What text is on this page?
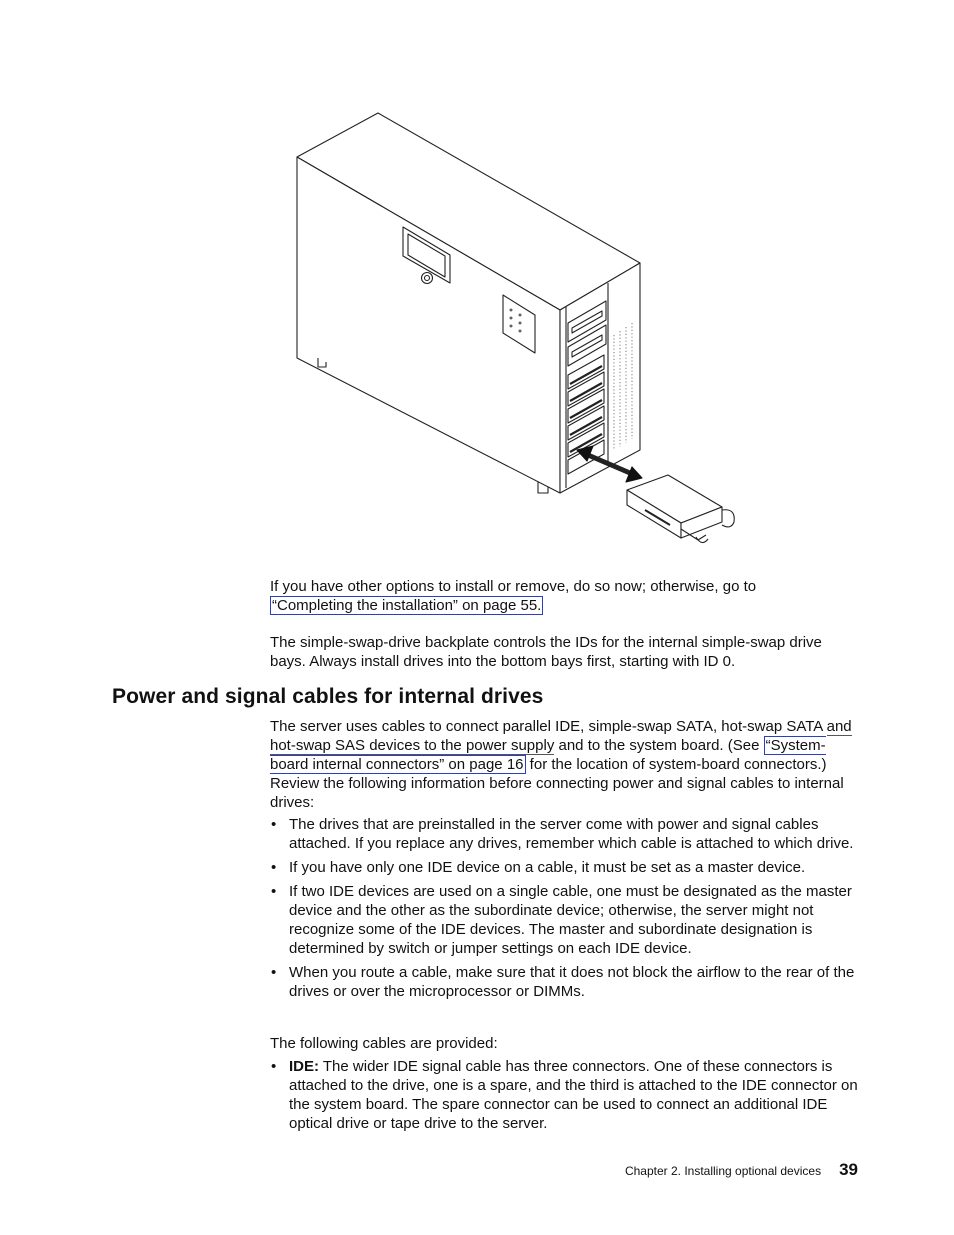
If you have other options to install or remove, do so now; otherwise, go to
“Completing the installation” on page 55.

The simple-swap-drive backplate controls the IDs for the internal simple-swap drive bays. Always install drives into the bottom bays first, starting with ID 0.

Power and signal cables for internal drives

The server uses cables to connect parallel IDE, simple-swap SATA, hot-swap SATA and hot-swap SAS devices to the power supply and to the system board. (See “System-board internal connectors” on page 16 for the location of system-board connectors.) Review the following information before connecting power and signal cables to internal drives:

• The drives that are preinstalled in the server come with power and signal cables attached. If you replace any drives, remember which cable is attached to which drive.
• If you have only one IDE device on a cable, it must be set as a master device.
• If two IDE devices are used on a single cable, one must be designated as the master device and the other as the subordinate device; otherwise, the server might not recognize some of the IDE devices. The master and subordinate designation is determined by switch or jumper settings on each IDE device.
• When you route a cable, make sure that it does not block the airflow to the rear of the drives or over the microprocessor or DIMMs.

The following cables are provided:

• IDE: The wider IDE signal cable has three connectors. One of these connectors is attached to the drive, one is a spare, and the third is attached to the IDE connector on the system board. The spare connector can be used to connect an additional IDE optical drive or tape drive to the server.
Chapter 2. Installing optional devices 39
